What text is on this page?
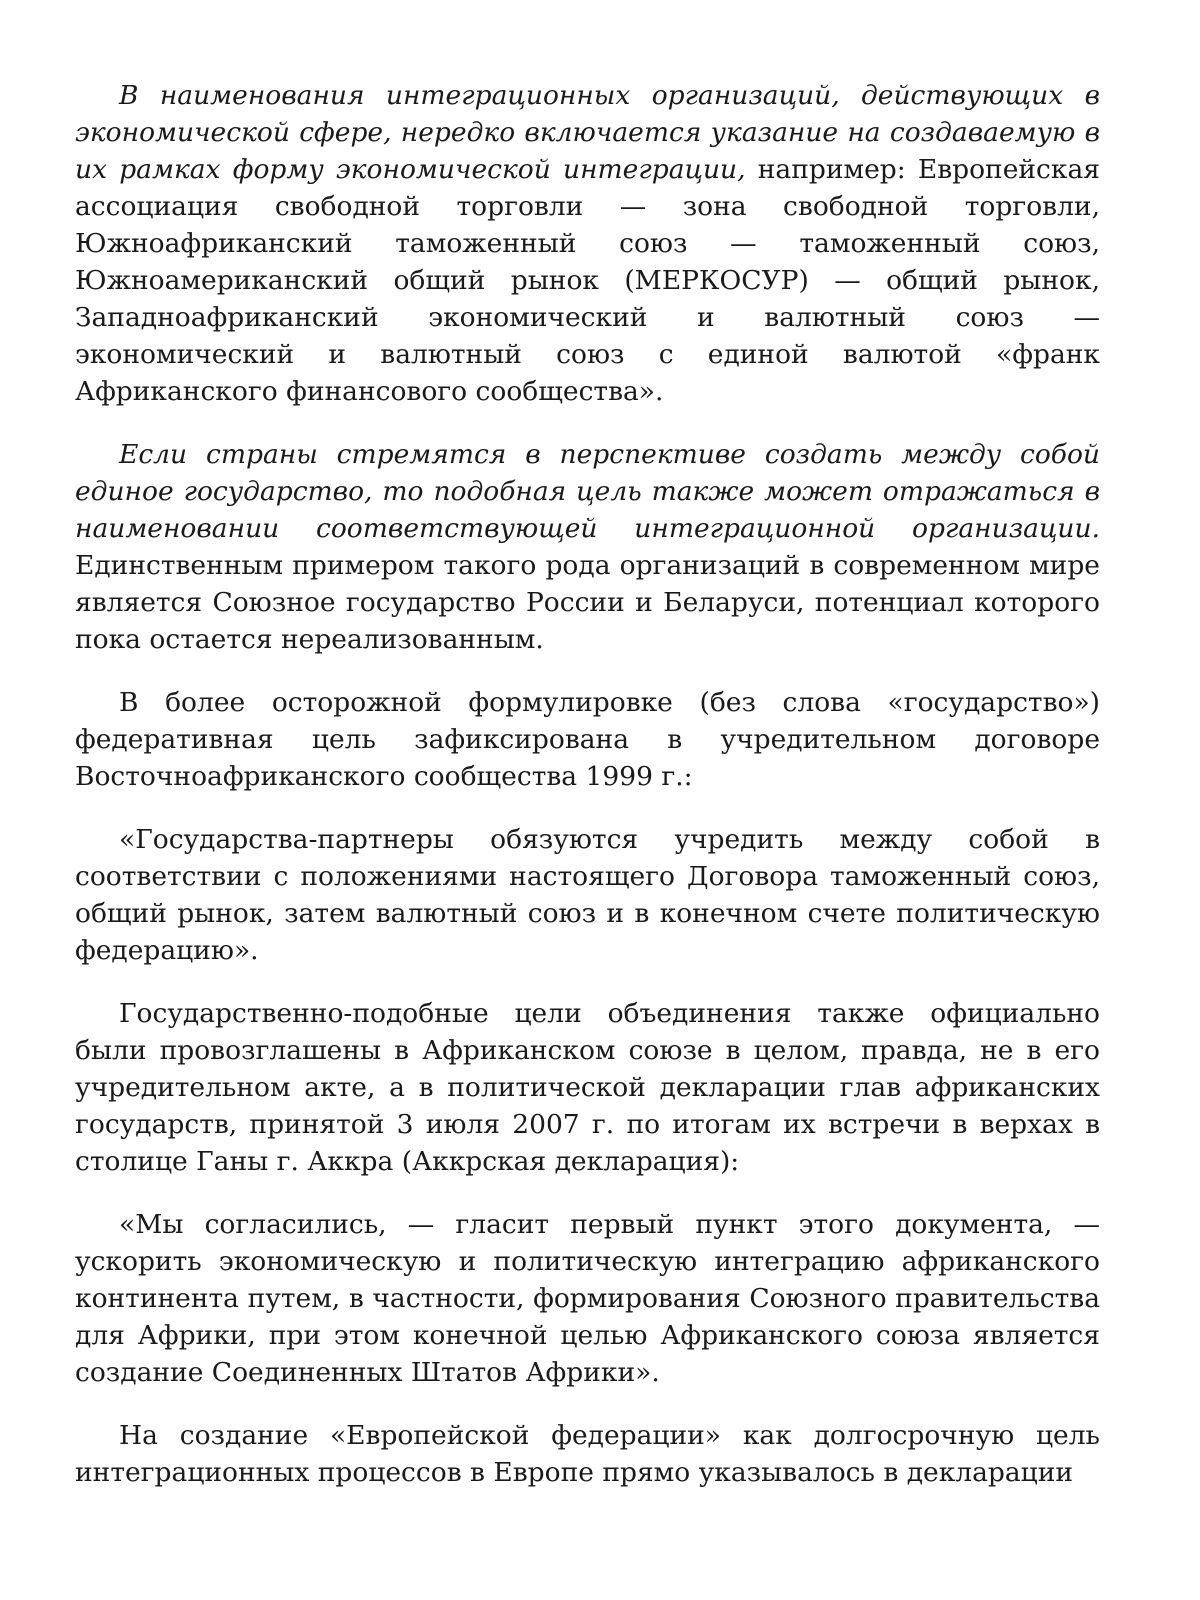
В наименования интеграционных организаций, действующих в экономической сфере, нередко включается указание на создаваемую в их рамках форму экономической интеграции, например: Европейская ассоциация свободной торговли — зона свободной торговли, Южноафриканский таможенный союз — таможенный союз, Южноамериканский общий рынок (МЕРКОСУР) — общий рынок, Западноафриканский экономический и валютный союз — экономический и валютный союз с единой валютой «франк Африканского финансового сообщества».

Если страны стремятся в перспективе создать между собой единое государство, то подобная цель также может отражаться в наименовании соответствующей интеграционной организации. Единственным примером такого рода организаций в современном мире является Союзное государство России и Беларуси, потенциал которого пока остается нереализованным.

В более осторожной формулировке (без слова «государство») федеративная цель зафиксирована в учредительном договоре Восточноафриканского сообщества 1999 г.:

«Государства-партнеры обязуются учредить между собой в соответствии с положениями настоящего Договора таможенный союз, общий рынок, затем валютный союз и в конечном счете политическую федерацию».

Государственно-подобные цели объединения также официально были провозглашены в Африканском союзе в целом, правда, не в его учредительном акте, а в политической декларации глав африканских государств, принятой 3 июля 2007 г. по итогам их встречи в верхах в столице Ганы г. Аккра (Аккрская декларация):

«Мы согласились, — гласит первый пункт этого документа, — ускорить экономическую и политическую интеграцию африканского континента путем, в частности, формирования Союзного правительства для Африки, при этом конечной целью Африканского союза является создание Соединенных Штатов Африки».

На создание «Европейской федерации» как долгосрочную цель интеграционных процессов в Европе прямо указывалось в декларации
